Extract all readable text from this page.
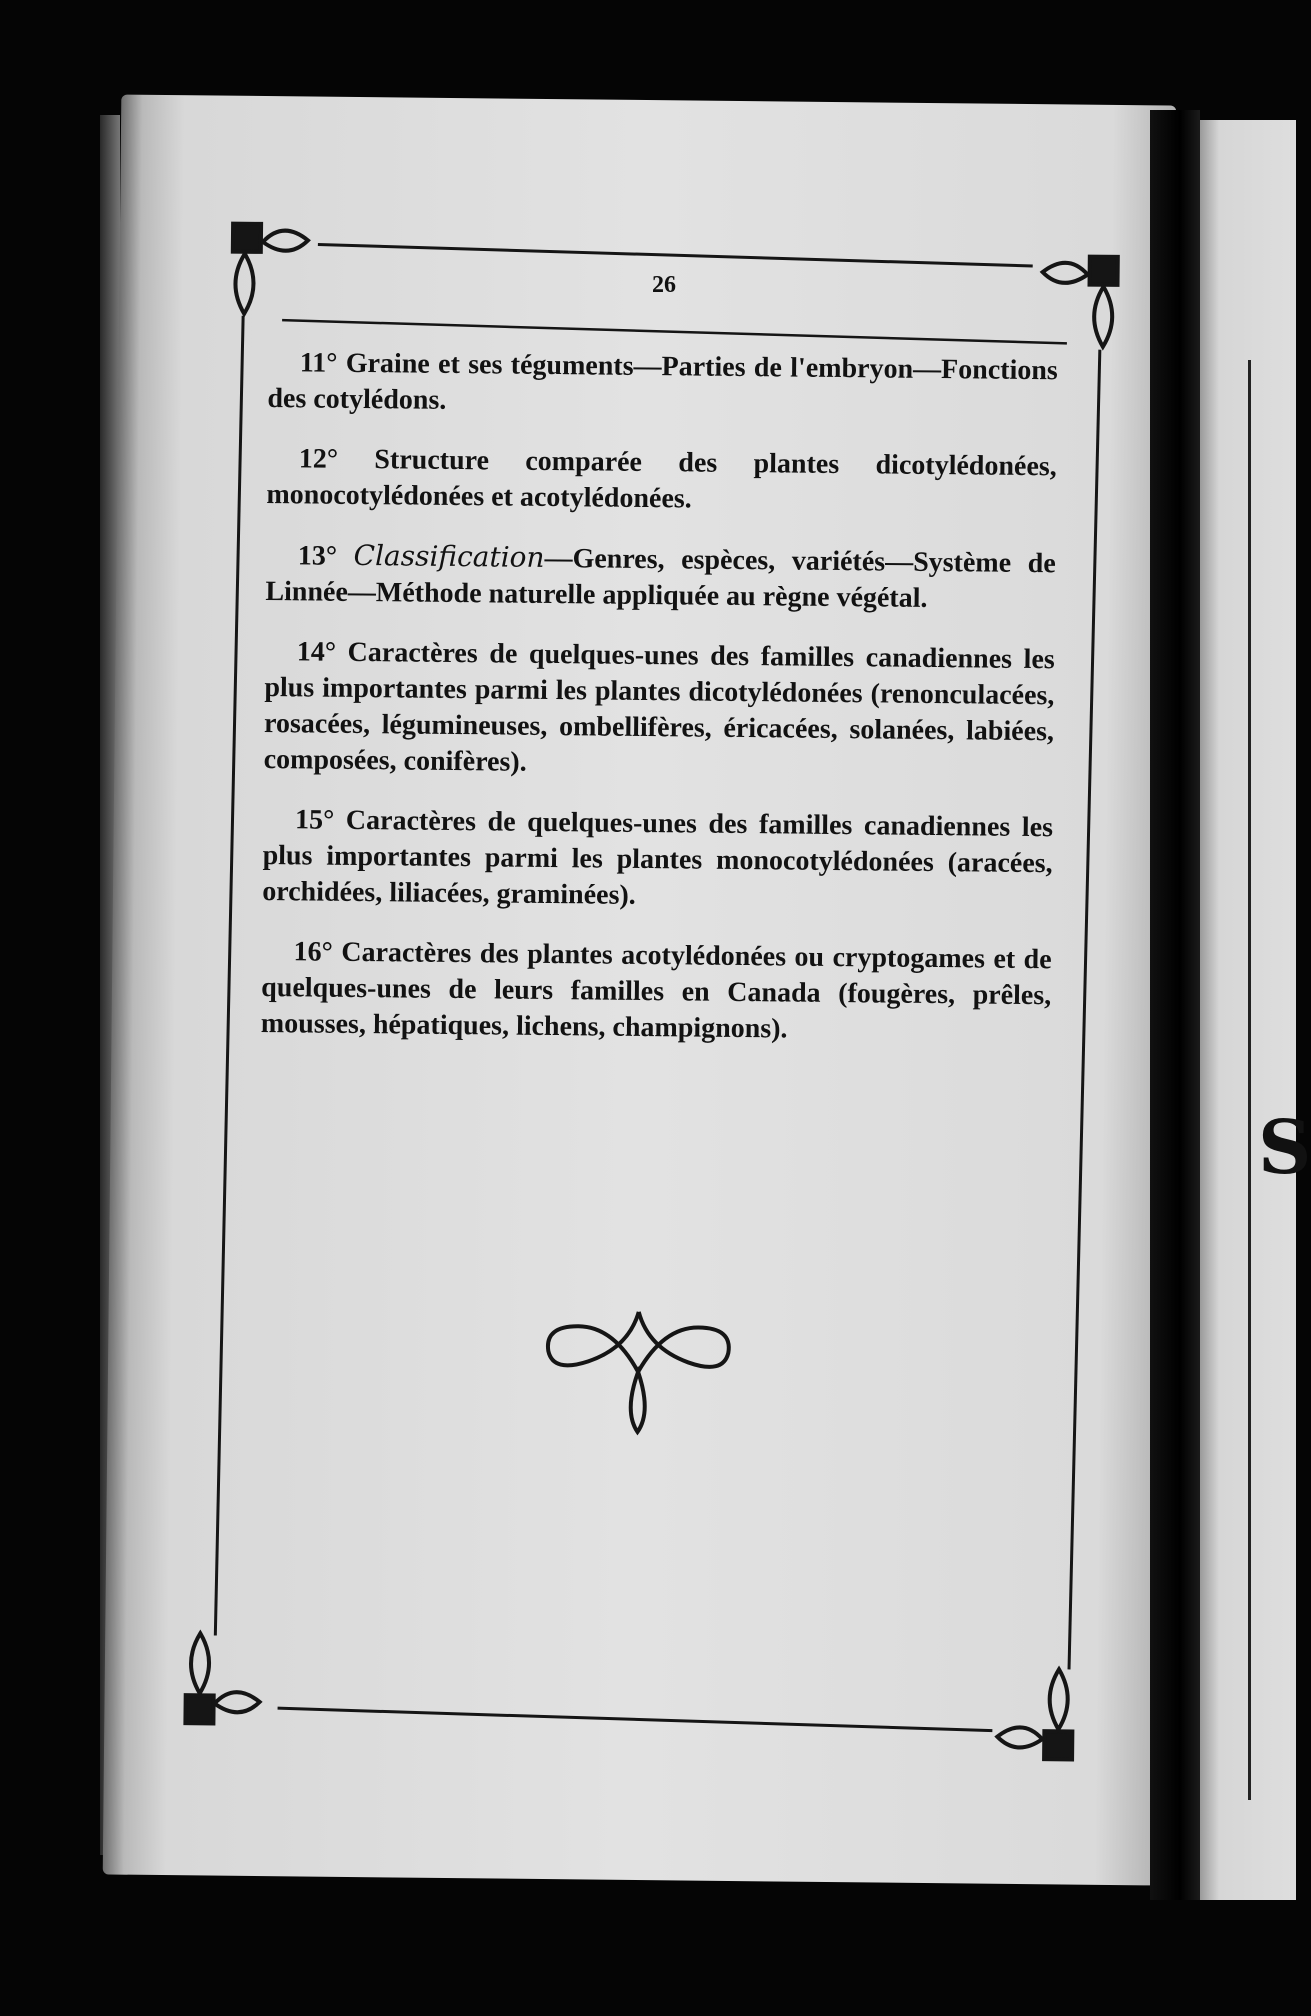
S
26

11° Graine et ses téguments—Parties de l'embryon—Fonctions des cotylédons.

12° Structure comparée des plantes dicotylédonées, monocotylédonées et acotylédonées.

13° Classification—Genres, espèces, variétés—Système de Linnée—Méthode naturelle appliquée au règne végétal.

14° Caractères de quelques-unes des familles canadiennes les plus importantes parmi les plantes dicotylédonées (renonculacées, rosacées, légumineuses, ombellifères, éricacées, solanées, labiées, composées, conifères).

15° Caractères de quelques-unes des familles canadiennes les plus importantes parmi les plantes monocotylédonées (aracées, orchidées, liliacées, graminées).

16° Caractères des plantes acotylédonées ou cryptogames et de quelques-unes de leurs familles en Canada (fougères, prêles, mousses, hépatiques, lichens, champignons).
